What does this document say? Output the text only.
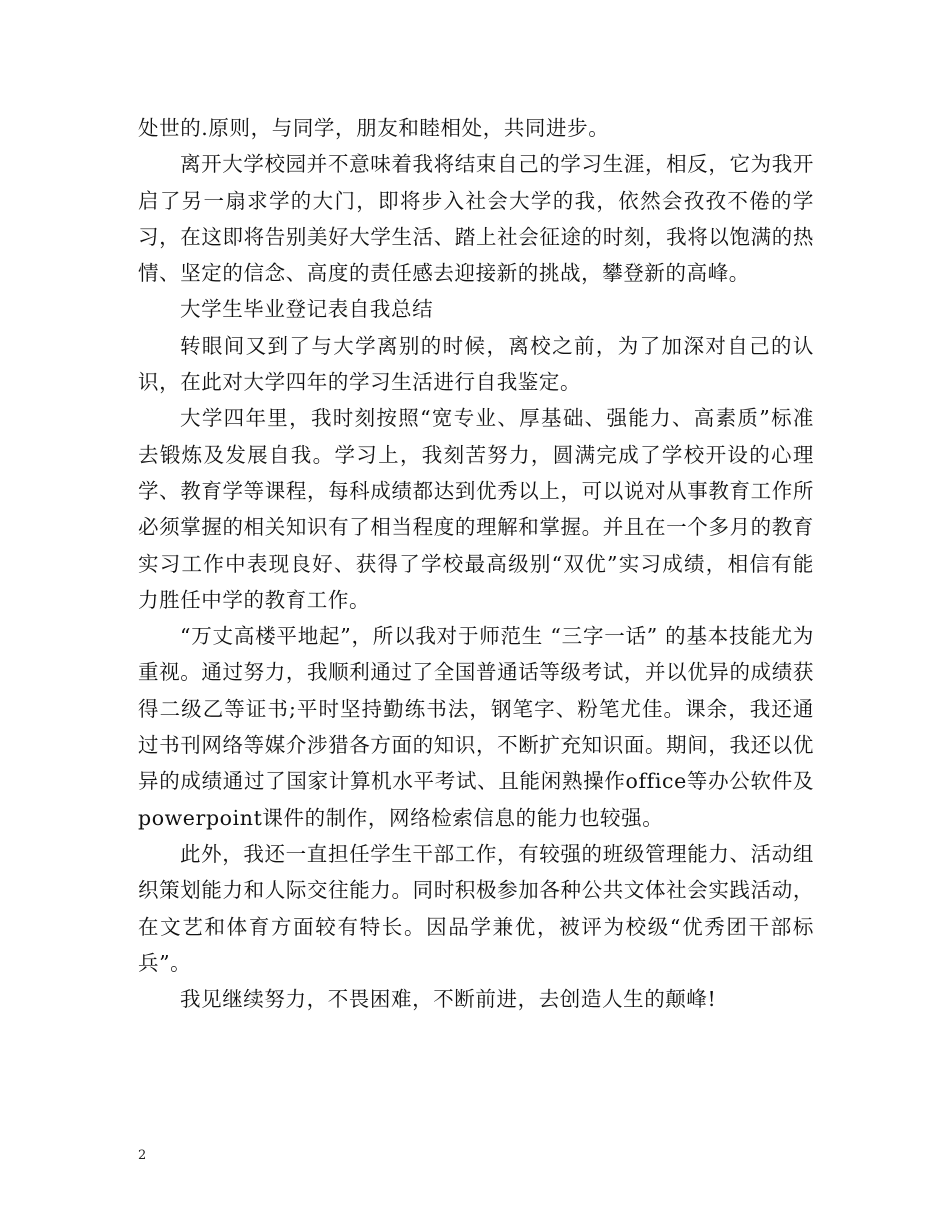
处世的.原则，与同学，朋友和睦相处，共同进步。

离开大学校园并不意味着我将结束自己的学习生涯，相反，它为我开启了另一扇求学的大门，即将步入社会大学的我，依然会孜孜不倦的学习，在这即将告别美好大学生活、踏上社会征途的时刻，我将以饱满的热情、坚定的信念、高度的责任感去迎接新的挑战，攀登新的高峰。

大学生毕业登记表自我总结

转眼间又到了与大学离别的时候，离校之前，为了加深对自己的认识，在此对大学四年的学习生活进行自我鉴定。

大学四年里，我时刻按照“宽专业、厚基础、强能力、高素质”标准去锻炼及发展自我。学习上，我刻苦努力，圆满完成了学校开设的心理学、教育学等课程，每科成绩都达到优秀以上，可以说对从事教育工作所必须掌握的相关知识有了相当程度的理解和掌握。并且在一个多月的教育实习工作中表现良好、获得了学校最高级别“双优”实习成绩，相信有能力胜任中学的教育工作。

“万丈高楼平地起”，所以我对于师范生 “三字一话” 的基本技能尤为重视。通过努力，我顺利通过了全国普通话等级考试，并以优异的成绩获得二级乙等证书;平时坚持勤练书法，钢笔字、粉笔尤佳。课余，我还通过书刊网络等媒介涉猎各方面的知识，不断扩充知识面。期间，我还以优异的成绩通过了国家计算机水平考试、且能闲熟操作office等办公软件及powerpoint课件的制作，网络检索信息的能力也较强。

此外，我还一直担任学生干部工作，有较强的班级管理能力、活动组织策划能力和人际交往能力。同时积极参加各种公共文体社会实践活动，在文艺和体育方面较有特长。因品学兼优，被评为校级“优秀团干部标兵”。

我见继续努力，不畏困难，不断前进，去创造人生的颠峰!

2
